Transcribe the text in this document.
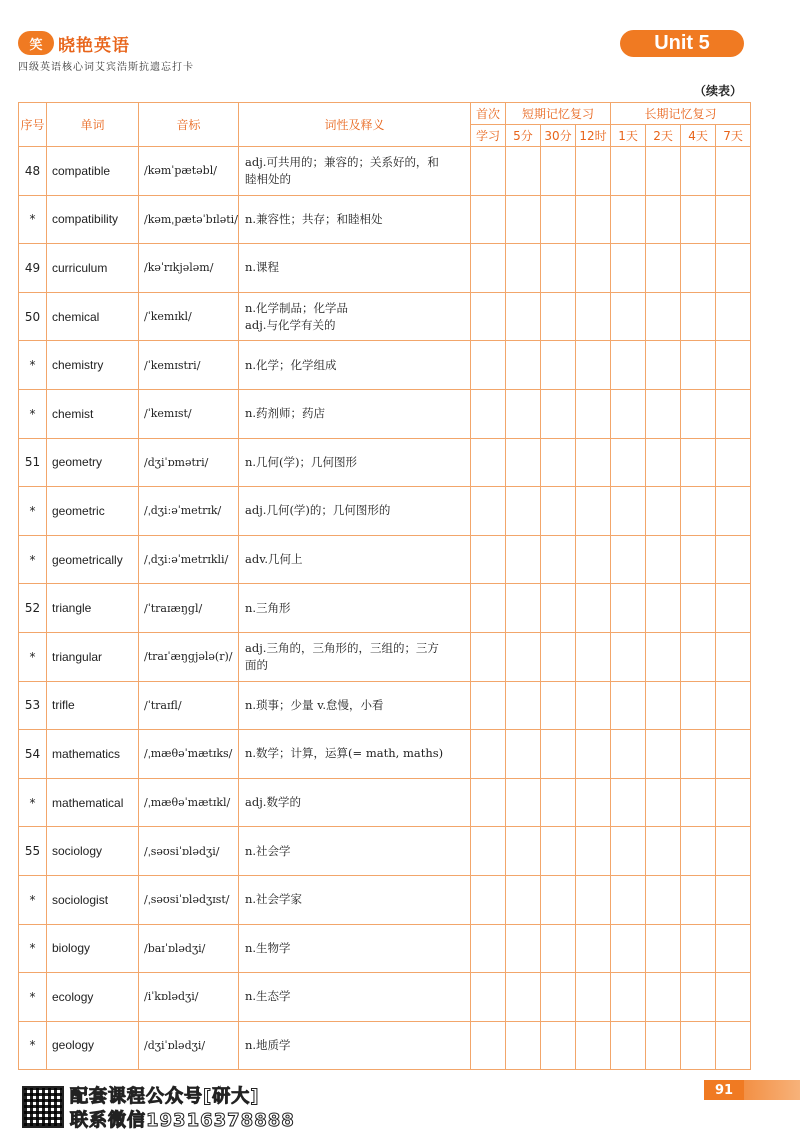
笑 晓艳英语
四级英语核心词艾宾浩斯抗遗忘打卡
Unit 5
（续表）
序号	单词	音标	词性及释义	首次	短期记忆复习			长期记忆复习			
				学习	5分	30分	12时	1天	2天	4天	7天
48	compatible	/kəmˈpætəbl/	adj.可共用的；兼容的；关系好的，和
睦相处的								
*	compatibility	/kəmˌpætəˈbɪləti/	n.兼容性；共存；和睦相处								
49	curriculum	/kəˈrɪkjələm/	n.课程								
50	chemical	/ˈkemɪkl/	n.化学制品；化学品
adj.与化学有关的								
*	chemistry	/ˈkemɪstri/	n.化学；化学组成								
*	chemist	/ˈkemɪst/	n.药剂师；药店								
51	geometry	/dʒiˈɒmətri/	n.几何(学)；几何图形								
*	geometric	/ˌdʒiːəˈmetrɪk/	adj.几何(学)的；几何图形的								
*	geometrically	/ˌdʒiːəˈmetrɪkli/	adv.几何上								
52	triangle	/ˈtraɪæŋgl/	n.三角形								
*	triangular	/traɪˈæŋgjələ(r)/	adj.三角的，三角形的，三组的；三方
面的								
53	trifle	/ˈtraɪfl/	n.琐事；少量 v.怠慢，小看								
54	mathematics	/ˌmæθəˈmætɪks/	n.数学；计算，运算(= math, maths)								
*	mathematical	/ˌmæθəˈmætɪkl/	adj.数学的								
55	sociology	/ˌsəʊsiˈɒlədʒi/	n.社会学								
*	sociologist	/ˌsəʊsiˈɒlədʒɪst/	n.社会学家								
*	biology	/baɪˈɒlədʒi/	n.生物学								
*	ecology	/iˈkɒlədʒi/	n.生态学								
*	geology	/dʒiˈɒlədʒi/	n.地质学								
配套课程公众号[研大]
联系微信19316378888
91
